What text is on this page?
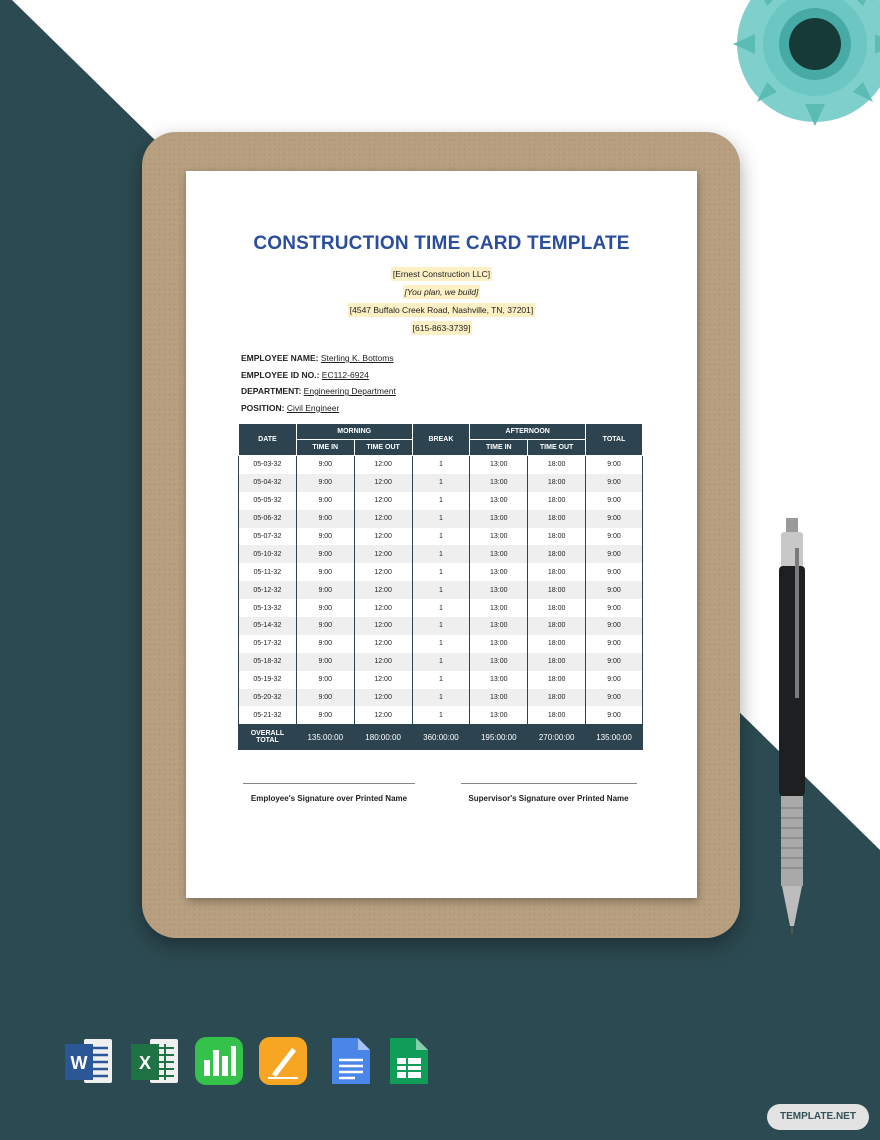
CONSTRUCTION TIME CARD TEMPLATE
[Ernest Construction LLC]
[You plan, we build]
[4547 Buffalo Creek Road, Nashville, TN, 37201]
[615-863-3739]
EMPLOYEE NAME: Sterling K. Bottoms
EMPLOYEE ID NO.: EC112-6924
DEPARTMENT: Engineering Department
POSITION: Civil Engineer
DATE	MORNING		BREAK	AFTERNOON		TOTAL
	TIME IN	TIME OUT		TIME IN	TIME OUT	
05-03-32	9:00	12:00	1	13:00	18:00	9:00
05-04-32	9:00	12:00	1	13:00	18:00	9:00
05-05-32	9:00	12:00	1	13:00	18:00	9:00
05-06-32	9:00	12:00	1	13:00	18:00	9:00
05-07-32	9:00	12:00	1	13:00	18:00	9:00
05-10-32	9:00	12:00	1	13:00	18:00	9:00
05-11-32	9:00	12:00	1	13:00	18:00	9:00
05-12-32	9:00	12:00	1	13:00	18:00	9:00
05-13-32	9:00	12:00	1	13:00	18:00	9:00
05-14-32	9:00	12:00	1	13:00	18:00	9:00
05-17-32	9:00	12:00	1	13:00	18:00	9:00
05-18-32	9:00	12:00	1	13:00	18:00	9:00
05-19-32	9:00	12:00	1	13:00	18:00	9:00
05-20-32	9:00	12:00	1	13:00	18:00	9:00
05-21-32	9:00	12:00	1	13:00	18:00	9:00
OVERALL TOTAL	135:00:00	180:00:00	360:00:00	195:00:00	270:00:00	135:00:00
Employee's Signature over Printed Name	Supervisor's Signature over Printed Name
W	X
TEMPLATE.NET
